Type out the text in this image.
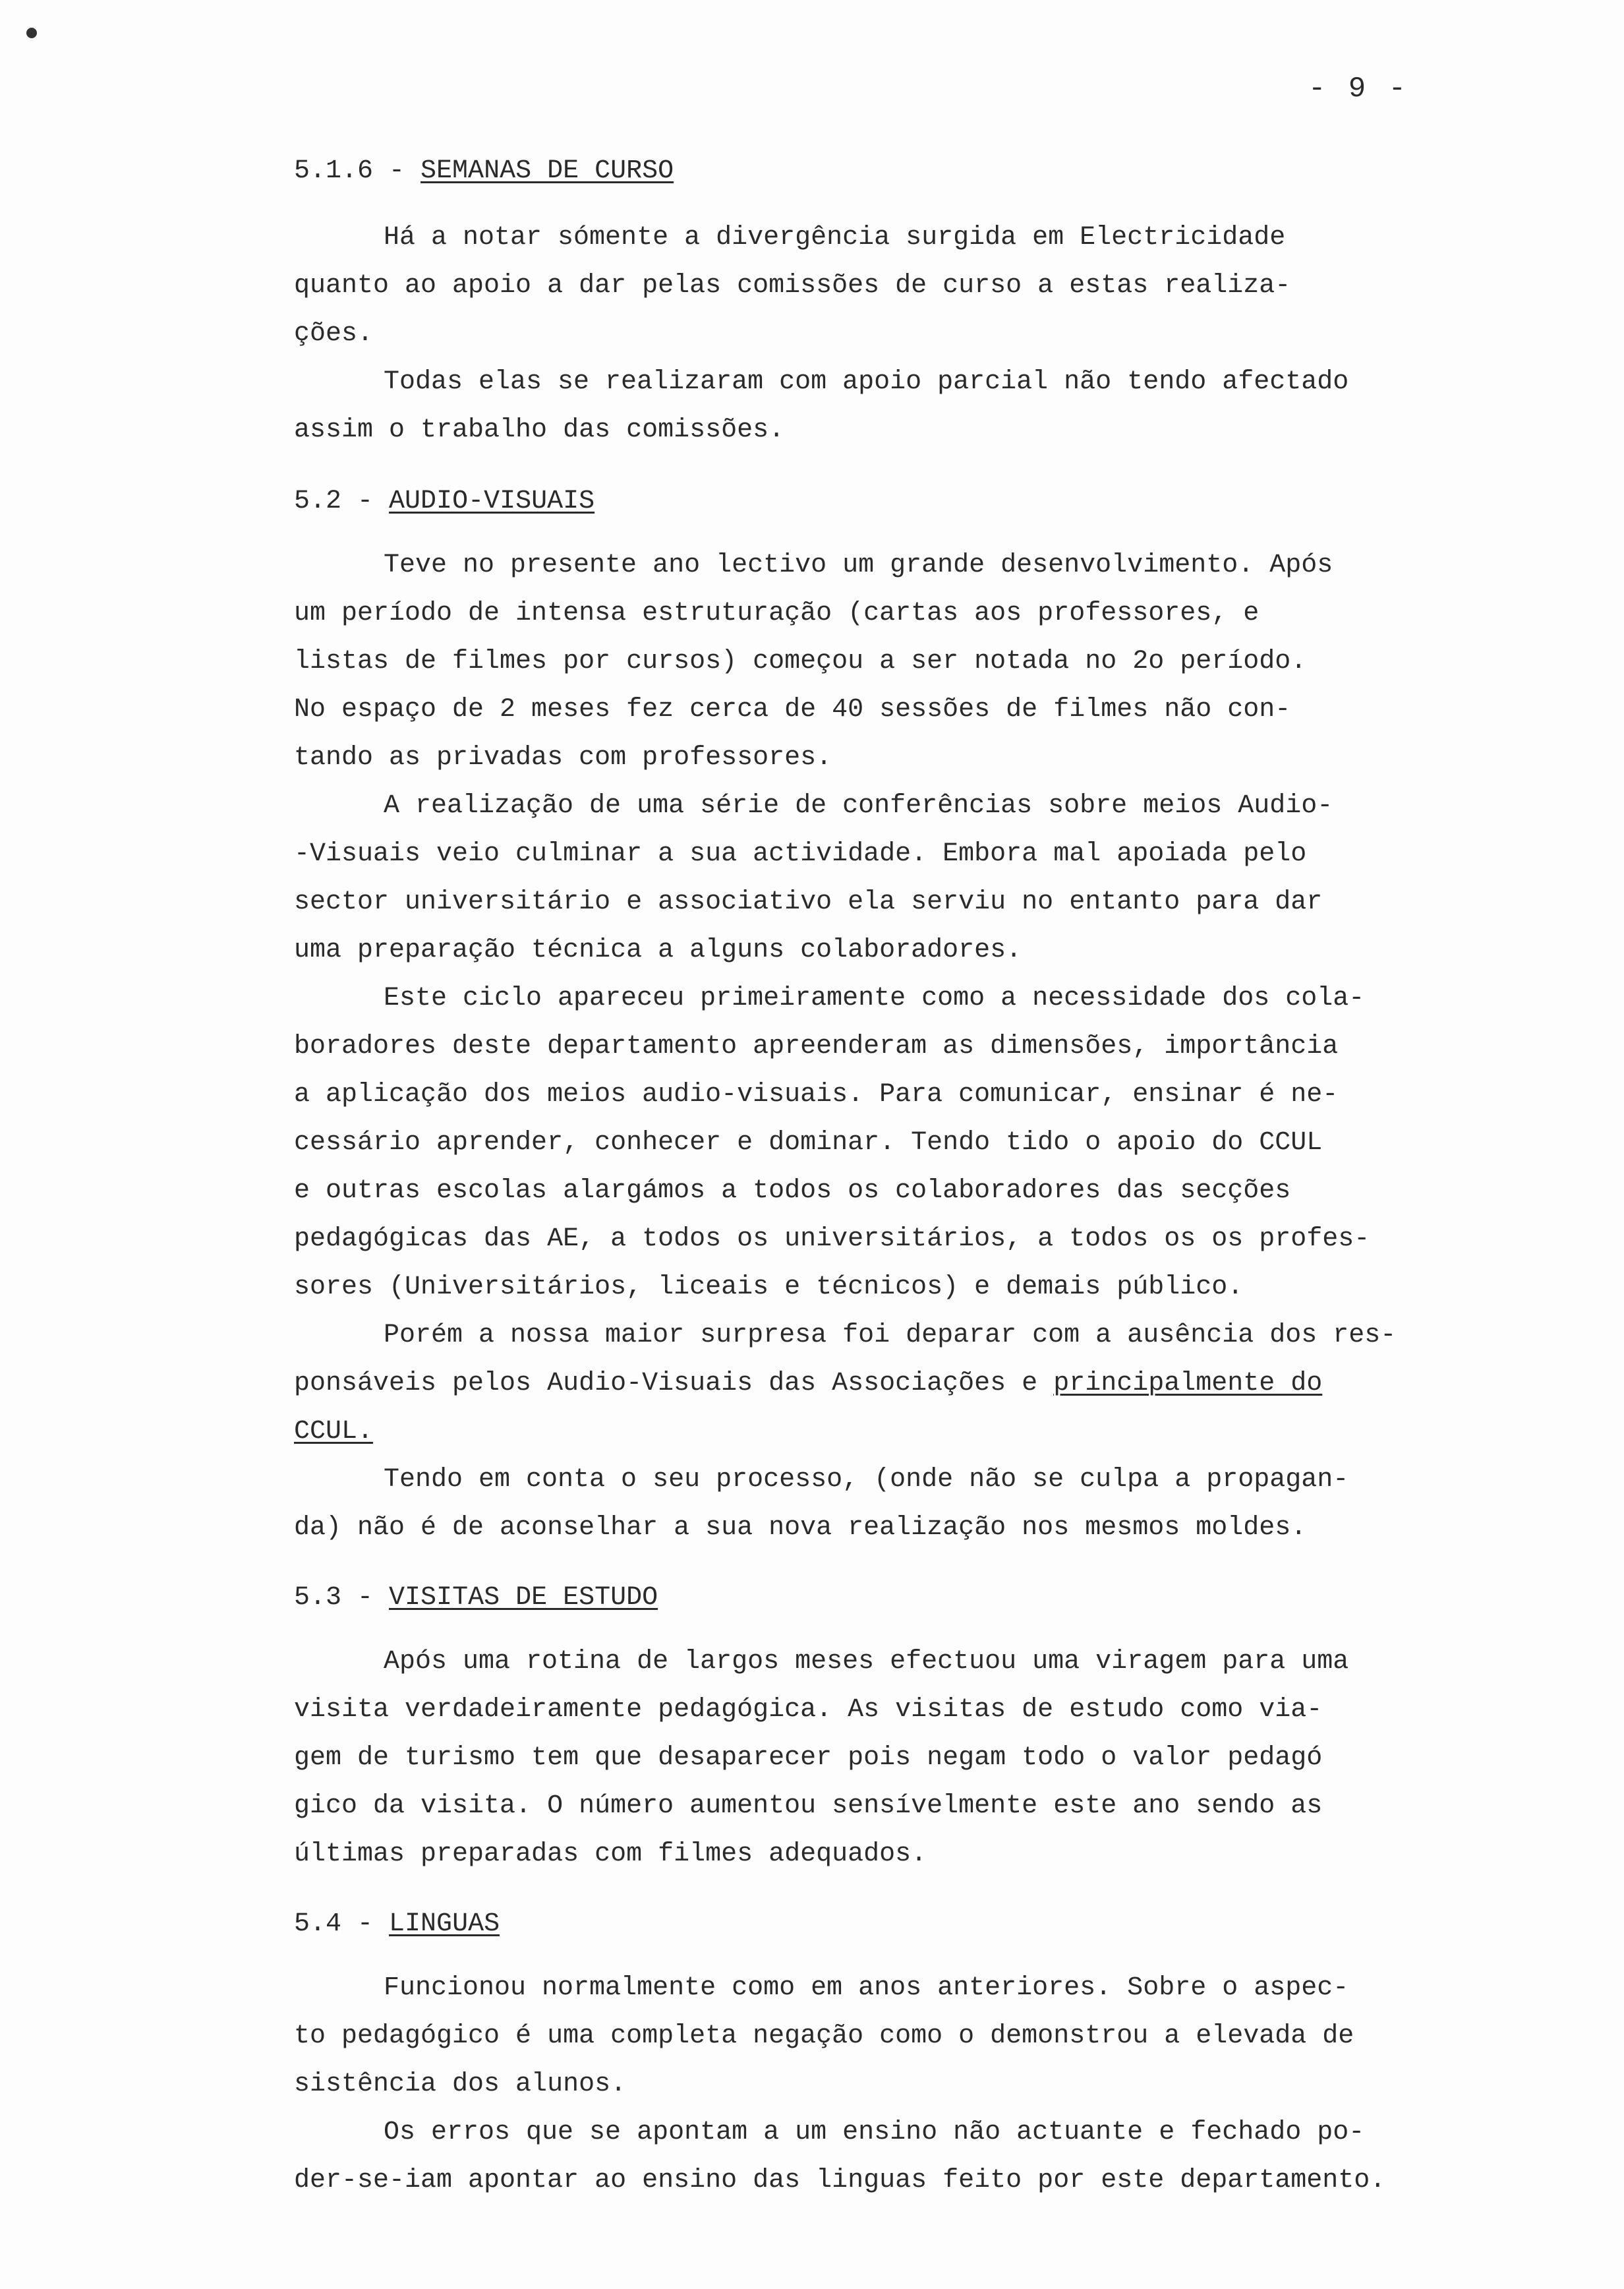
- 9 -
5.1.6 - SEMANAS DE CURSO
Há a notar sómente a divergência surgida em Electricidade
quanto ao apoio a dar pelas comissões de curso a estas realiza-
ções.
Todas elas se realizaram com apoio parcial não tendo afectado
assim o trabalho das comissões.
5.2 - AUDIO-VISUAIS
Teve no presente ano lectivo um grande desenvolvimento. Após
um período de intensa estruturação (cartas aos professores, e
listas de filmes por cursos) começou a ser notada no 2o período.
No espaço de 2 meses fez cerca de 40 sessões de filmes não con-
tando as privadas com professores.
A realização de uma série de conferências sobre meios Audio-
-Visuais veio culminar a sua actividade. Embora mal apoiada pelo
sector universitário e associativo ela serviu no entanto para dar
uma preparação técnica a alguns colaboradores.
Este ciclo apareceu primeiramente como a necessidade dos cola-
boradores deste departamento apreenderam as dimensões, importância
a aplicação dos meios audio-visuais. Para comunicar, ensinar é ne-
cessário aprender, conhecer e dominar. Tendo tido o apoio do CCUL
e outras escolas alargámos a todos os colaboradores das secções
pedagógicas das AE, a todos os universitários, a todos os os profes-
sores (Universitários, liceais e técnicos) e demais público.
Porém a nossa maior surpresa foi deparar com a ausência dos res-
ponsáveis pelos Audio-Visuais das Associações e principalmente do
CCUL.
Tendo em conta o seu processo, (onde não se culpa a propagan-
da) não é de aconselhar a sua nova realização nos mesmos moldes.
5.3 - VISITAS DE ESTUDO
Após uma rotina de largos meses efectuou uma viragem para uma
visita verdadeiramente pedagógica. As visitas de estudo como via-
gem de turismo tem que desaparecer pois negam todo o valor pedagó
gico da visita. O número aumentou sensívelmente este ano sendo as
últimas preparadas com filmes adequados.
5.4 - LINGUAS
Funcionou normalmente como em anos anteriores. Sobre o aspec-
to pedagógico é uma completa negação como o demonstrou a elevada de
sistência dos alunos.
Os erros que se apontam a um ensino não actuante e fechado po-
der-se-iam apontar ao ensino das linguas feito por este departamento.
